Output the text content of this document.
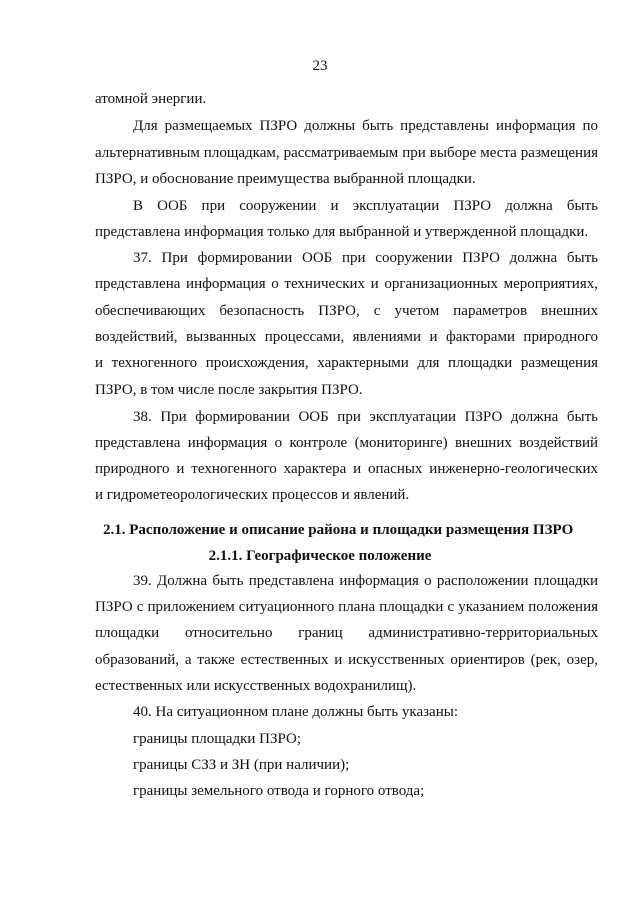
23
атомной энергии.
Для размещаемых ПЗРО должны быть представлены информация по
альтернативным площадкам, рассматриваемым при выборе места размещения
ПЗРО, и обоснование преимущества выбранной площадки.
В ООБ при сооружении и эксплуатации ПЗРО должна быть
представлена информация только для выбранной и утвержденной площадки.
37. При формировании ООБ при сооружении ПЗРО должна быть
представлена информация о технических и организационных мероприятиях,
обеспечивающих безопасность ПЗРО, с учетом параметров внешних
воздействий, вызванных процессами, явлениями и факторами природного
и техногенного происхождения, характерными для площадки размещения
ПЗРО, в том числе после закрытия ПЗРО.
38. При формировании ООБ при эксплуатации ПЗРО должна быть
представлена информация о контроле (мониторинге) внешних воздействий
природного и техногенного характера и опасных инженерно-геологических
и гидрометеорологических процессов и явлений.
2.1. Расположение и описание района и площадки размещения ПЗРО
2.1.1. Географическое положение
39. Должна быть представлена информация о расположении площадки
ПЗРО с приложением ситуационного плана площадки с указанием положения
площадки относительно границ административно-территориальных
образований, а также естественных и искусственных ориентиров (рек, озер,
естественных или искусственных водохранилищ).
40. На ситуационном плане должны быть указаны:
границы площадки ПЗРО;
границы СЗЗ и ЗН (при наличии);
границы земельного отвода и горного отвода;
